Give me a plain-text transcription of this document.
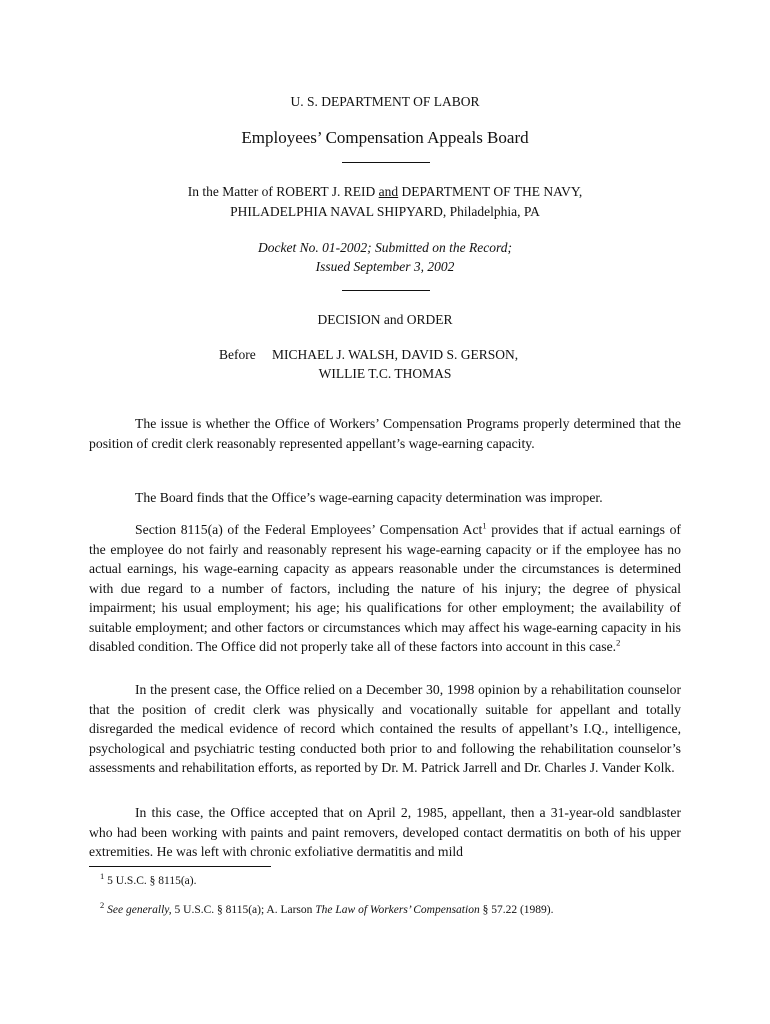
U. S. DEPARTMENT OF LABOR
Employees’ Compensation Appeals Board
In the Matter of ROBERT J. REID and DEPARTMENT OF THE NAVY,
PHILADELPHIA NAVAL SHIPYARD, Philadelphia, PA
Docket No. 01-2002; Submitted on the Record;
Issued September 3, 2002
DECISION and ORDER
Before MICHAEL J. WALSH, DAVID S. GERSON,
WILLIE T.C. THOMAS

The issue is whether the Office of Workers’ Compensation Programs properly determined that the position of credit clerk reasonably represented appellant’s wage-earning capacity.

The Board finds that the Office’s wage-earning capacity determination was improper.

Section 8115(a) of the Federal Employees’ Compensation Act$^1$ provides that if actual earnings of the employee do not fairly and reasonably represent his wage-earning capacity or if the employee has no actual earnings, his wage-earning capacity as appears reasonable under the circumstances is determined with due regard to a number of factors, including the nature of his injury; the degree of physical impairment; his usual employment; his age; his qualifications for other employment; the availability of suitable employment; and other factors or circumstances which may affect his wage-earning capacity in his disabled condition. The Office did not properly take all of these factors into account in this case.$^2$

In the present case, the Office relied on a December 30, 1998 opinion by a rehabilitation counselor that the position of credit clerk was physically and vocationally suitable for appellant and totally disregarded the medical evidence of record which contained the results of appellant’s I.Q., intelligence, psychological and psychiatric testing conducted both prior to and following the rehabilitation counselor’s assessments and rehabilitation efforts, as reported by Dr. M. Patrick Jarrell and Dr. Charles J. Vander Kolk.

In this case, the Office accepted that on April 2, 1985, appellant, then a 31-year-old sandblaster who had been working with paints and paint removers, developed contact dermatitis on both of his upper extremities. He was left with chronic exfoliative dermatitis and mild

$^1$ 5 U.S.C. § 8115(a).
$^2$ See generally, 5 U.S.C. § 8115(a); A. Larson The Law of Workers’ Compensation § 57.22 (1989).
